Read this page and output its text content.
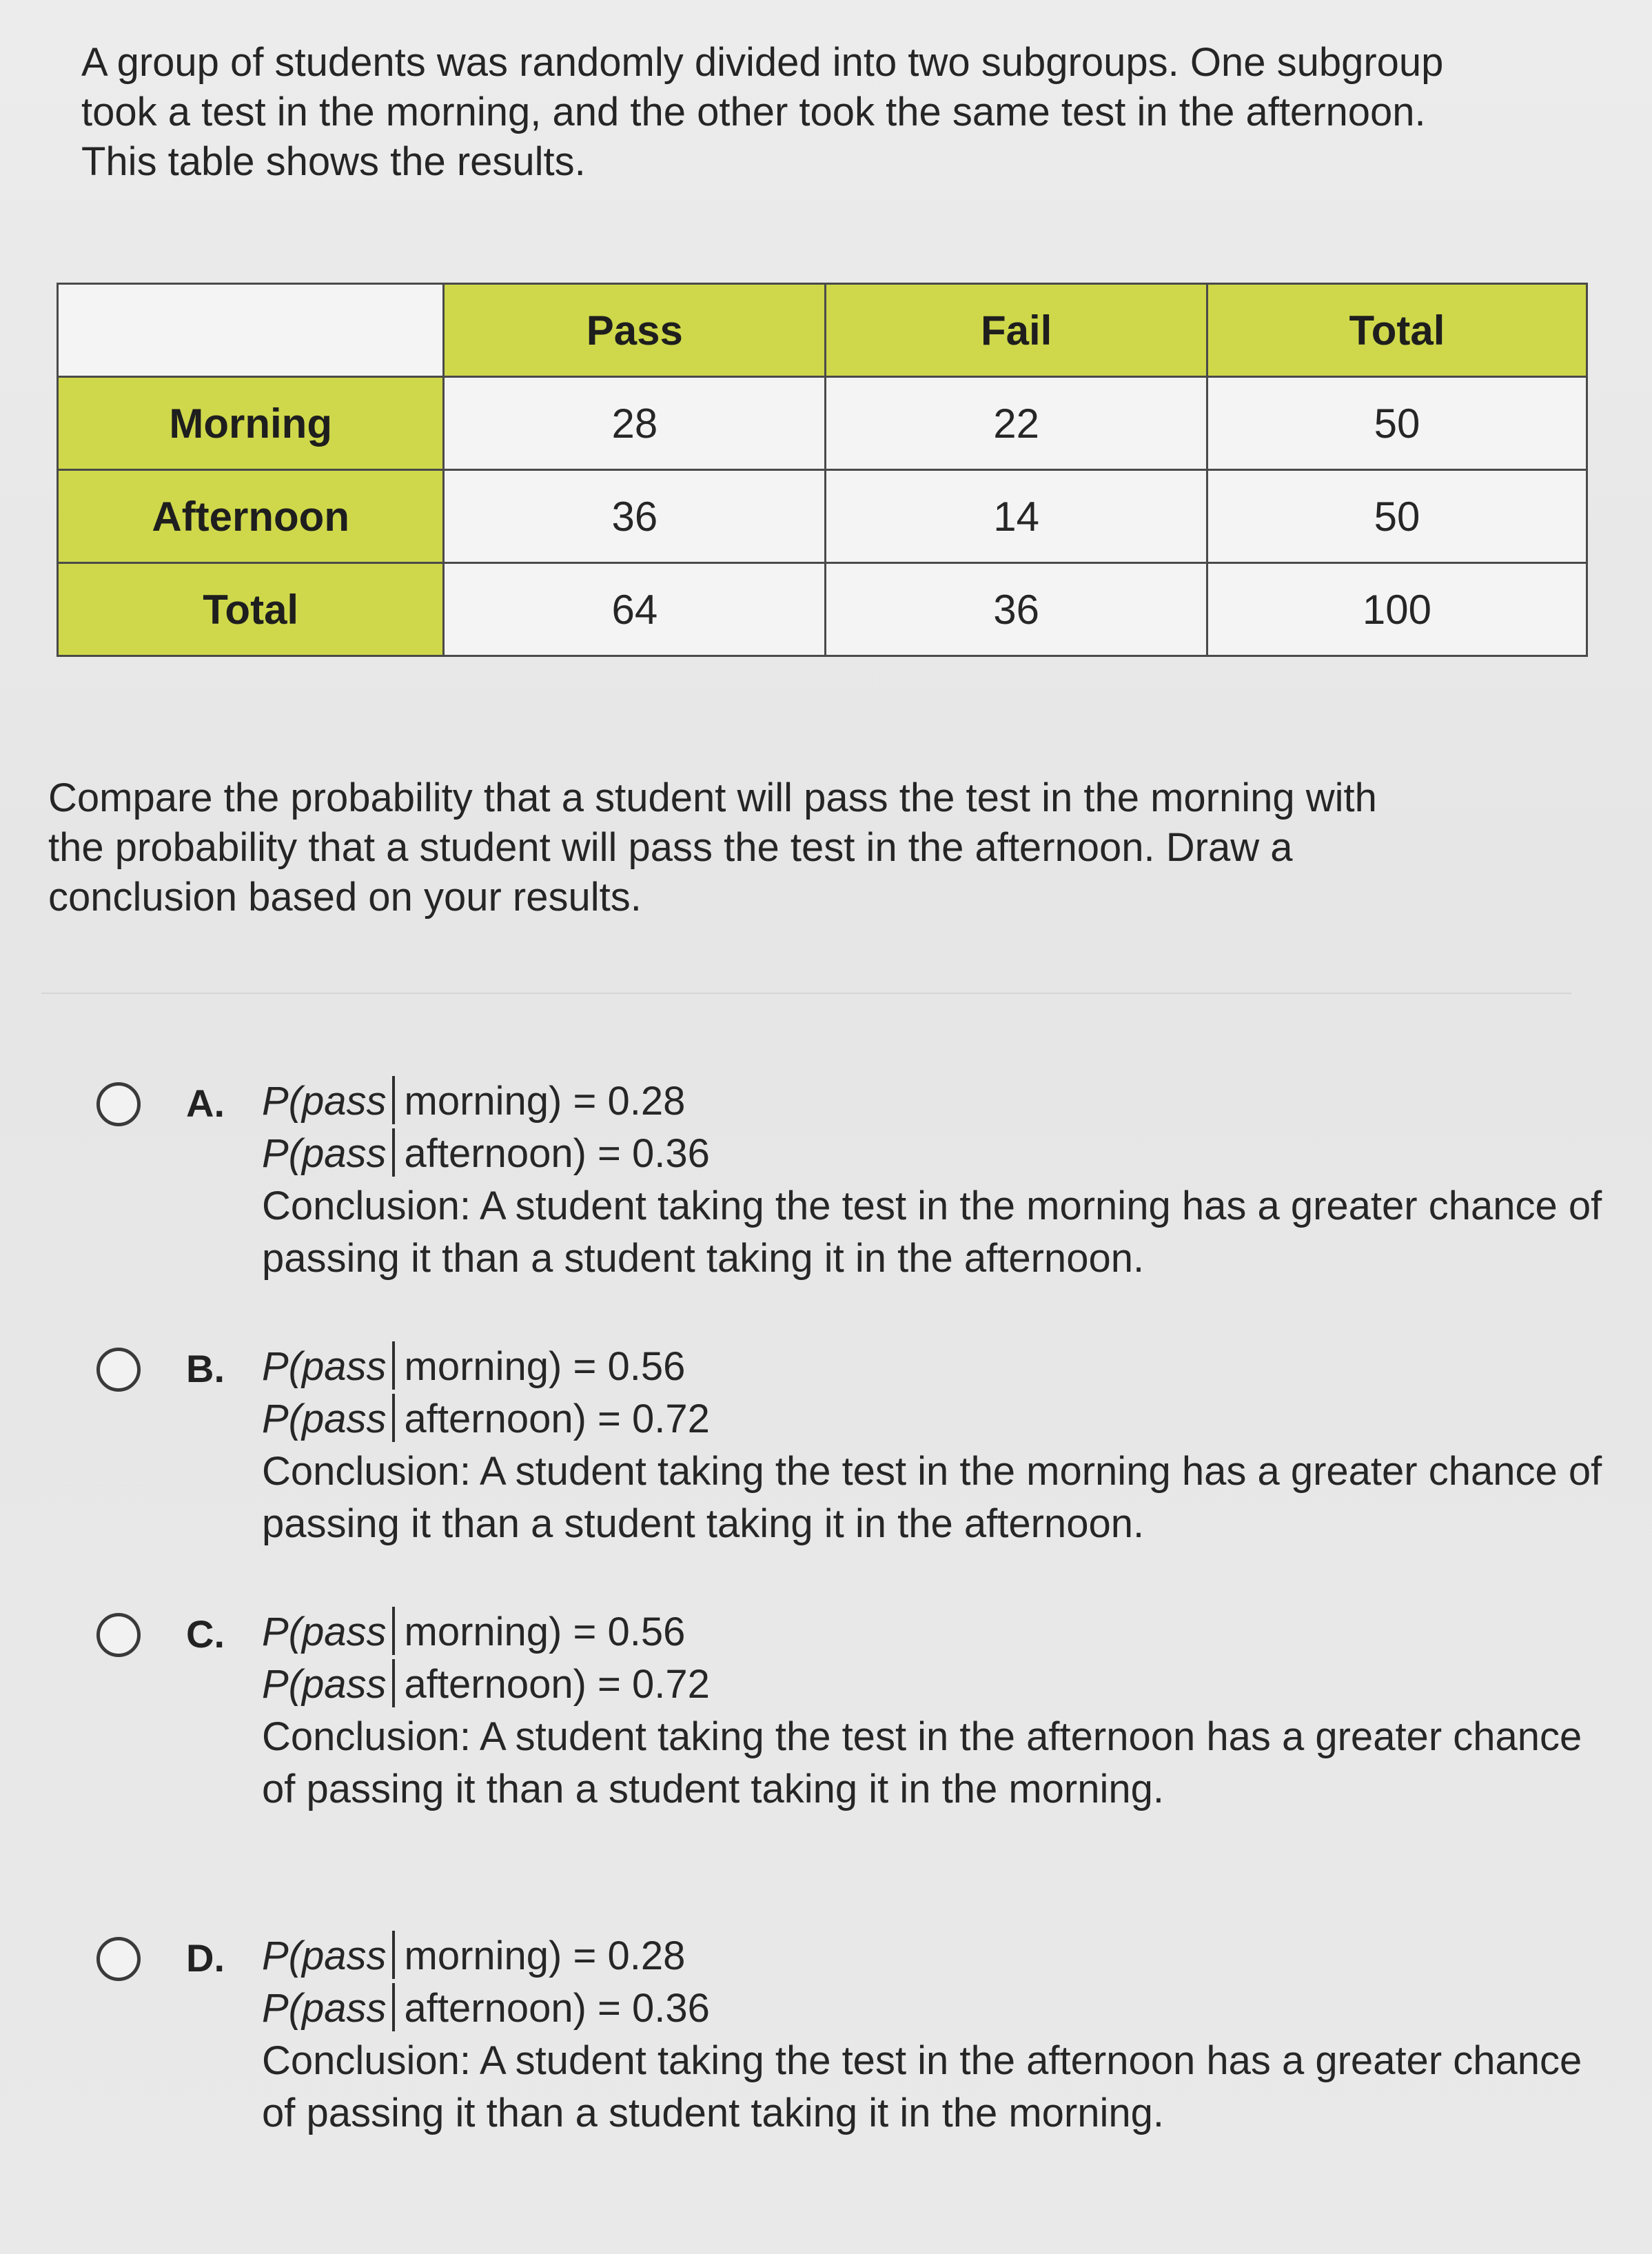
A group of students was randomly divided into two subgroups. One subgroup
took a test in the morning, and the other took the same test in the afternoon.
This table shows the results.

	Pass	Fail	Total
Morning	28	22	50
Afternoon	36	14	50
Total	64	36	100

Compare the probability that a student will pass the test in the morning with
the probability that a student will pass the test in the afternoon. Draw a
conclusion based on your results.

A. P(pass morning) = 0.28
P(pass afternoon) = 0.36
Conclusion: A student taking the test in the morning has a greater chance of passing it than a student taking it in the afternoon.
B. P(pass morning) = 0.56
P(pass afternoon) = 0.72
Conclusion: A student taking the test in the morning has a greater chance of passing it than a student taking it in the afternoon.
C. P(pass morning) = 0.56
P(pass afternoon) = 0.72
Conclusion: A student taking the test in the afternoon has a greater chance of passing it than a student taking it in the morning.
D. P(pass morning) = 0.28
P(pass afternoon) = 0.36
Conclusion: A student taking the test in the afternoon has a greater chance of passing it than a student taking it in the morning.
